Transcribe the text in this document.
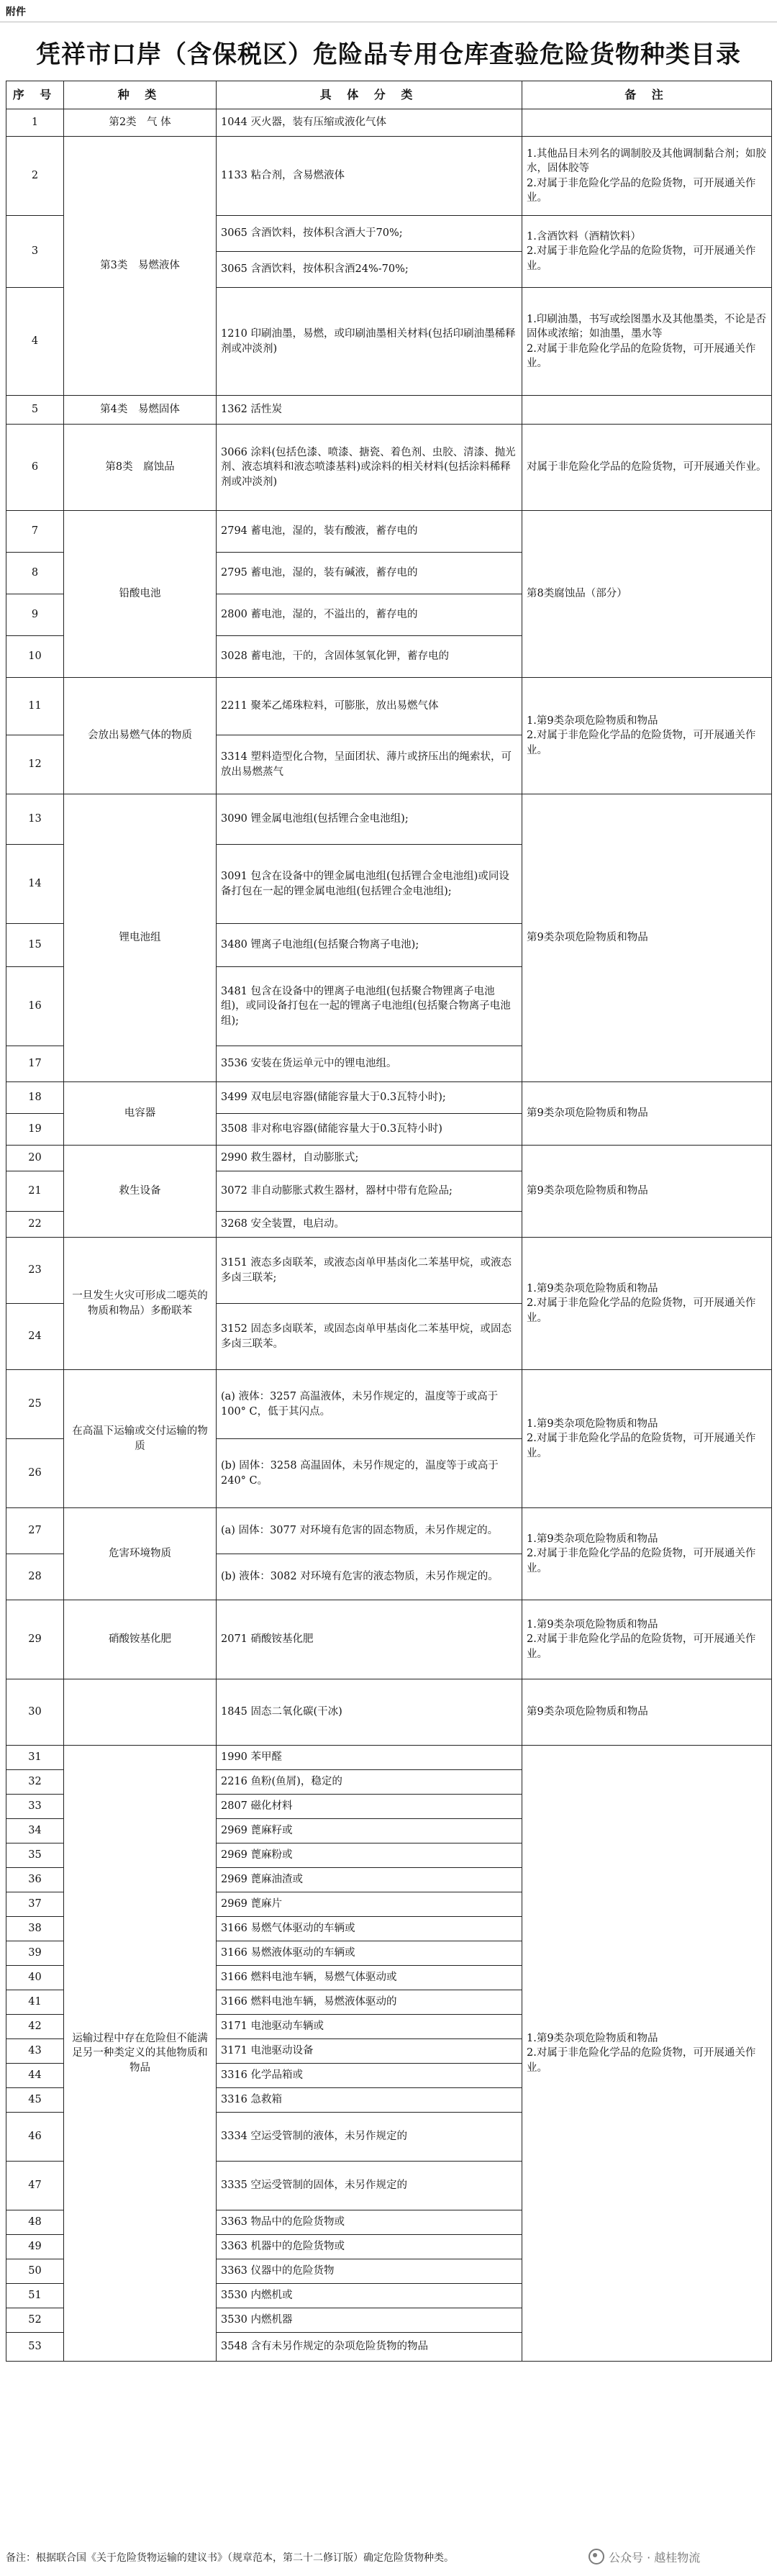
附件
凭祥市口岸（含保税区）危险品专用仓库查验危险货物种类目录
序 号	种 类	具 体 分 类	备 注
1	第2类　气 体	1044 灭火器，装有压缩或液化气体	
2	第3类　易燃液体	1133 粘合剂，含易燃液体	1.其他品目未列名的调制胶及其他调制黏合剂；如胶水，固体胶等
2.对属于非危险化学品的危险货物，可开展通关作业。
3		3065 含酒饮料，按体积含酒大于70%;	1.含酒饮料（酒精饮料）
2.对属于非危险化学品的危险货物，可开展通关作业。
		3065 含酒饮料，按体积含酒24%-70%;	
4		1210 印刷油墨，易燃，或印刷油墨相关材料(包括印刷油墨稀释剂或冲淡剂)	1.印刷油墨，书写或绘图墨水及其他墨类，不论是否固体或浓缩；如油墨，墨水等
2.对属于非危险化学品的危险货物，可开展通关作业。
5	第4类　易燃固体	1362 活性炭	
6	第8类　腐蚀品	3066 涂料(包括色漆、喷漆、搪瓷、着色剂、虫胶、清漆、抛光剂、液态填料和液态喷漆基料)或涂料的相关材料(包括涂料稀释剂或冲淡剂)	对属于非危险化学品的危险货物，可开展通关作业。
7	铅酸电池	2794 蓄电池，湿的，装有酸液，蓄存电的	第8类腐蚀品（部分）
8		2795 蓄电池，湿的，装有碱液，蓄存电的	
9		2800 蓄电池，湿的，不溢出的，蓄存电的	
10		3028 蓄电池，干的，含固体氢氧化钾，蓄存电的	
11	会放出易燃气体的物质	2211 聚苯乙烯珠粒料，可膨胀，放出易燃气体	1.第9类杂项危险物质和物品
2.对属于非危险化学品的危险货物，可开展通关作业。
12		3314 塑料造型化合物，呈面团状、薄片或挤压出的绳索状，可放出易燃蒸气	
13	锂电池组	3090 锂金属电池组(包括锂合金电池组);	第9类杂项危险物质和物品
14		3091 包含在设备中的锂金属电池组(包括锂合金电池组)或同设备打包在一起的锂金属电池组(包括锂合金电池组);	
15		3480 锂离子电池组(包括聚合物离子电池);	
16		3481 包含在设备中的锂离子电池组(包括聚合物锂离子电池组)，或同设备打包在一起的锂离子电池组(包括聚合物离子电池组);	
17		3536 安装在货运单元中的锂电池组。	
18	电容器	3499 双电层电容器(储能容量大于0.3瓦特小时);	第9类杂项危险物质和物品
19		3508 非对称电容器(储能容量大于0.3瓦特小时)	
20	救生设备	2990 救生器材，自动膨胀式;	第9类杂项危险物质和物品
21		3072 非自动膨胀式救生器材，器材中带有危险品;	
22		3268 安全装置，电启动。	
23	一旦发生火灾可形成二噁英的物质和物品）多酚联苯	3151 液态多卤联苯，或液态卤单甲基卤化二苯基甲烷，或液态多卤三联苯;	1.第9类杂项危险物质和物品
2.对属于非危险化学品的危险货物，可开展通关作业。
24		3152 固态多卤联苯，或固态卤单甲基卤化二苯基甲烷，或固态多卤三联苯。	
25	在高温下运输或交付运输的物质	(a) 液体：3257 高温液体，未另作规定的，温度等于或高于 100° C，低于其闪点。	1.第9类杂项危险物质和物品
2.对属于非危险化学品的危险货物，可开展通关作业。
26		(b) 固体：3258 高温固体，未另作规定的，温度等于或高于 240° C。	
27	危害环境物质	(a) 固体：3077 对环境有危害的固态物质，未另作规定的。	1.第9类杂项危险物质和物品
2.对属于非危险化学品的危险货物，可开展通关作业。
28		(b) 液体：3082 对环境有危害的液态物质，未另作规定的。	
29	硝酸铵基化肥	2071 硝酸铵基化肥	1.第9类杂项危险物质和物品
2.对属于非危险化学品的危险货物，可开展通关作业。
30		1845 固态二氧化碳(干冰)	第9类杂项危险物质和物品
31	运输过程中存在危险但不能满足另一种类定义的其他物质和物品	1990 苯甲醛	1.第9类杂项危险物质和物品
2.对属于非危险化学品的危险货物，可开展通关作业。
32		2216 鱼粉(鱼屑)，稳定的	
33		2807 磁化材料	
34		2969 蓖麻籽或	
35		2969 蓖麻粉或	
36		2969 蓖麻油渣或	
37		2969 蓖麻片	
38		3166 易燃气体驱动的车辆或	
39		3166 易燃液体驱动的车辆或	
40		3166 燃料电池车辆，易燃气体驱动或	
41		3166 燃料电池车辆，易燃液体驱动的	
42		3171 电池驱动车辆或	
43		3171 电池驱动设备	
44		3316 化学品箱或	
45		3316 急救箱	
46		3334 空运受管制的液体，未另作规定的	
47		3335 空运受管制的固体，未另作规定的	
48		3363 物品中的危险货物或	
49		3363 机器中的危险货物或	
50		3363 仪器中的危险货物	
51		3530 内燃机或	
52		3530 内燃机器	
53		3548 含有未另作规定的杂项危险货物的物品	
备注：根据联合国《关于危险货物运输的建议书》（规章范本，第二十二修订版）确定危险货物种类。	公众号 · 越桂物流
